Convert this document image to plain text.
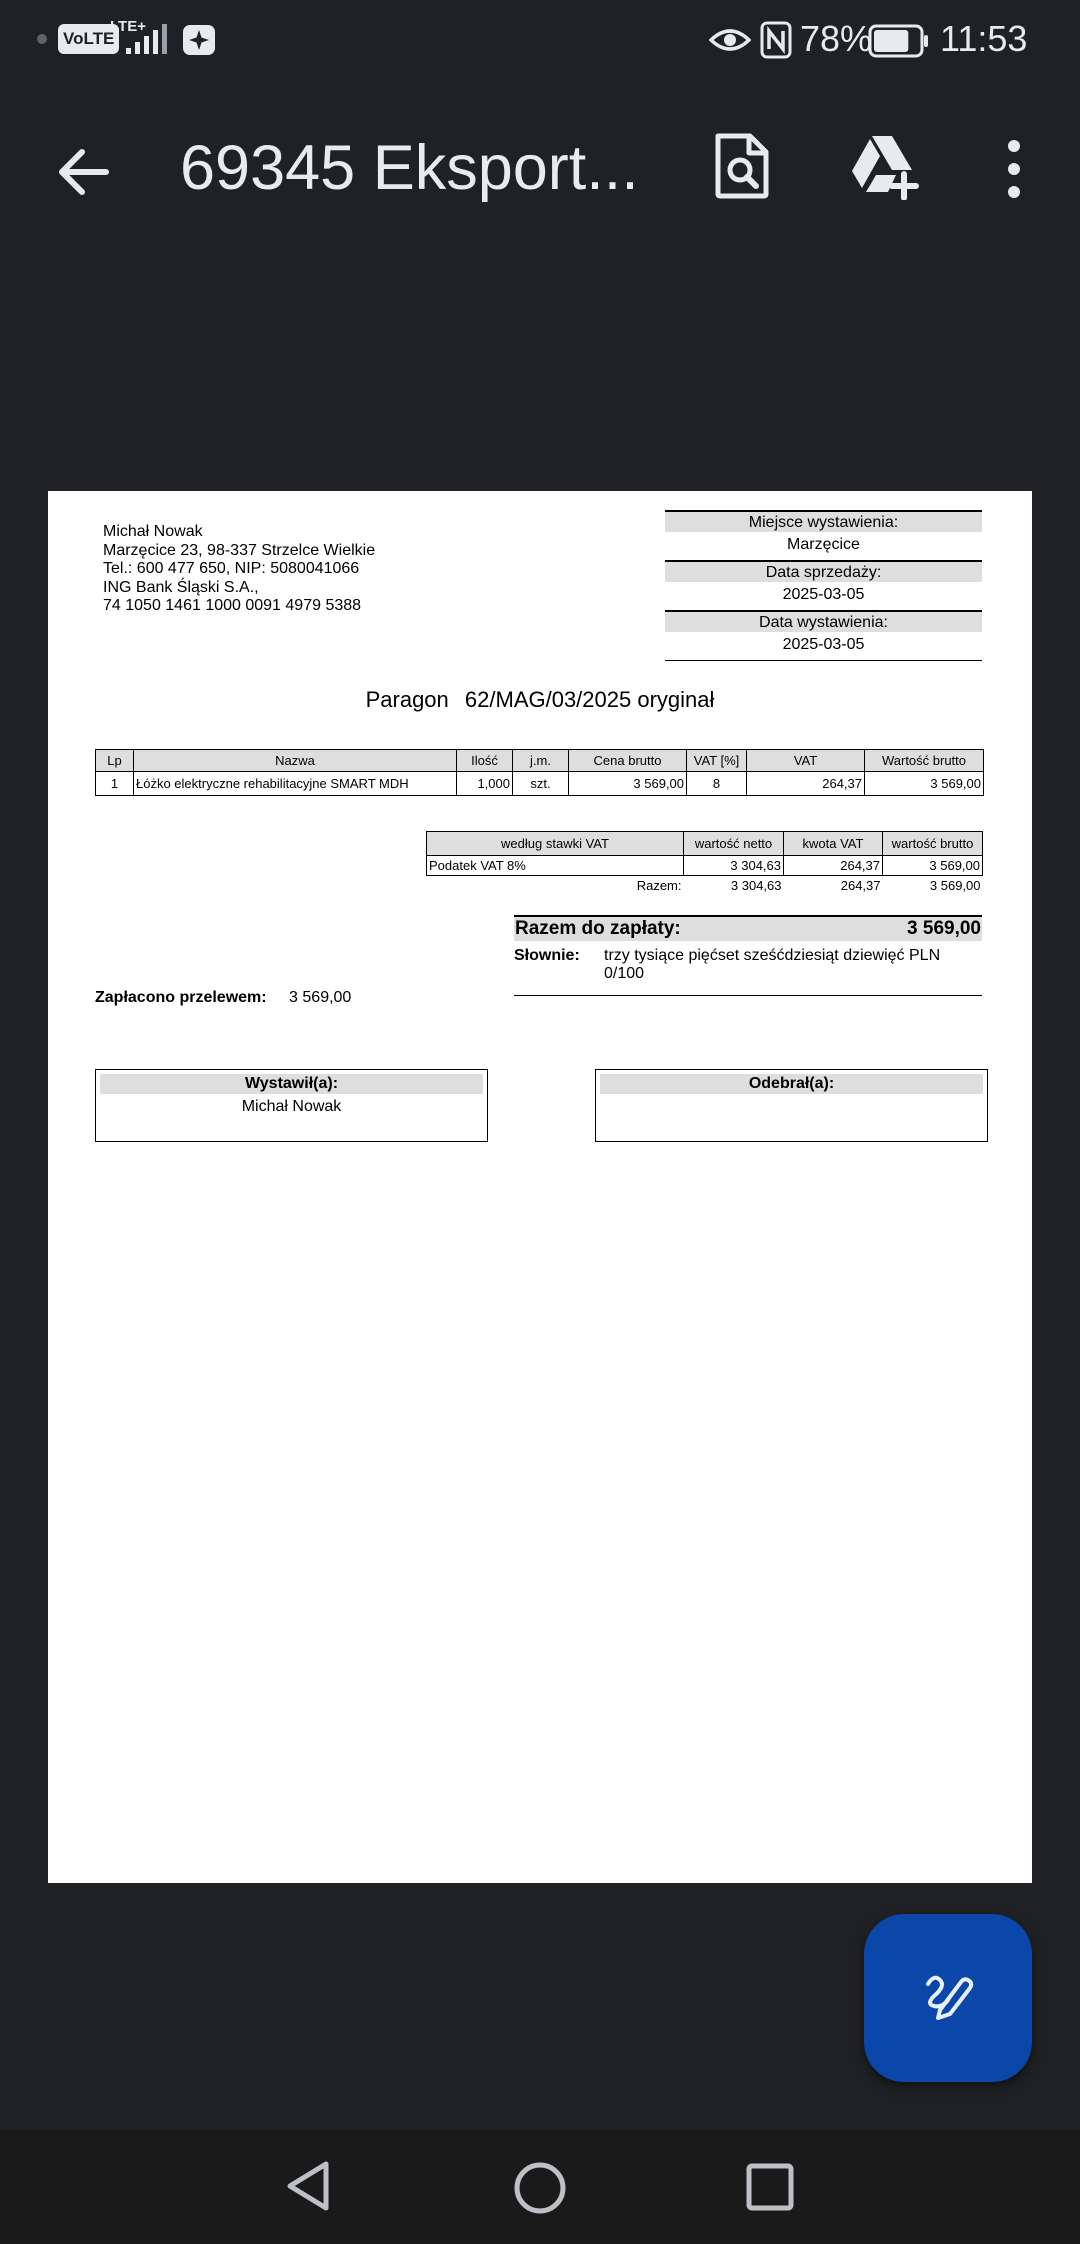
VoLTE
LTE+	78% 11:53
69345 Eksport...
Michał Nowak
Marzęcice 23, 98-337 Strzelce Wielkie
Tel.: 600 477 650, NIP: 5080041066
ING Bank Śląski S.A.,
74 1050 1461 1000 0091 4979 5388
Miejsce wystawienia:
Marzęcice
Data sprzedaży:
2025-03-05
Data wystawienia:
2025-03-05
Paragon 62/MAG/03/2025 oryginał
Lp	Nazwa	Ilość	j.m.	Cena brutto	VAT [%]	VAT	Wartość brutto
1	Łóżko elektryczne rehabilitacyjne SMART MDH	1,000	szt.	3 569,00	8	264,37	3 569,00
według stawki VAT	wartość netto	kwota VAT	wartość brutto
Podatek VAT 8%	3 304,63	264,37	3 569,00
Razem:	3 304,63	264,37	3 569,00
Razem do zapłaty:	3 569,00
Słownie:	trzy tysiące pięćset sześćdziesiąt dziewięć PLN 0/100
Zapłacono przelewem: 3 569,00
Wystawił(a):
Michał Nowak
Odebrał(a):
